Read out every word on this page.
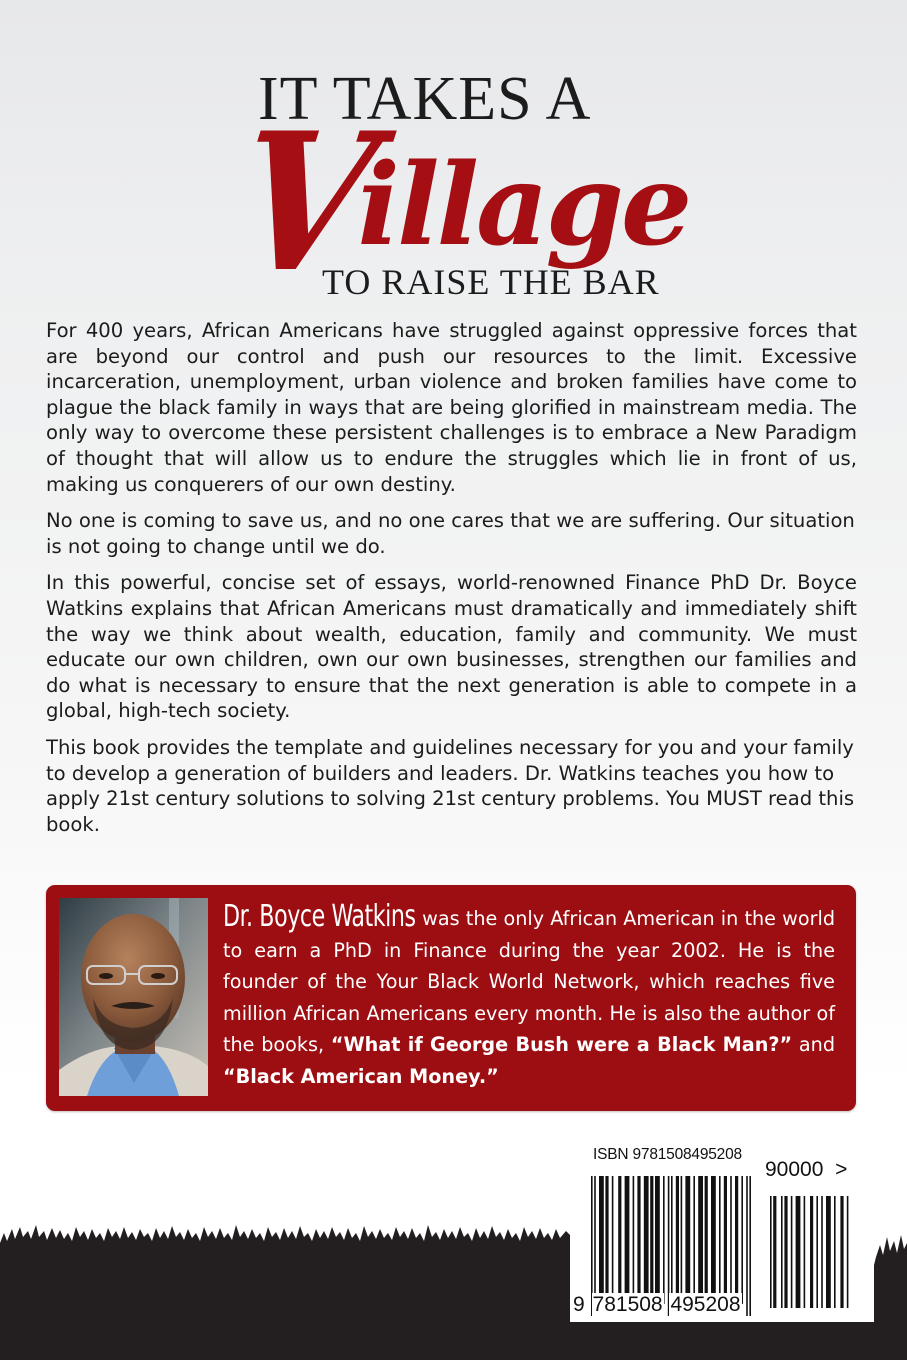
IT TAKES A
Village
TO RAISE THE BAR

For 400 years, African Americans have struggled against oppressive forces that are beyond our control and push our resources to the limit. Excessive incarceration, unemployment, urban violence and broken families have come to plague the black family in ways that are being glorified in mainstream media. The only way to overcome these persistent challenges is to embrace a New Paradigm of thought that will allow us to endure the struggles which lie in front of us, making us conquerers of our own destiny.

No one is coming to save us, and no one cares that we are suffering. Our situation is not going to change until we do.

In this powerful, concise set of essays, world-renowned Finance PhD Dr. Boyce Watkins explains that African Americans must dramatically and immediately shift the way we think about wealth, education, family and community. We must educate our own children, own our own businesses, strengthen our families and do what is necessary to ensure that the next generation is able to compete in a global, high-tech society.

This book provides the template and guidelines necessary for you and your family to develop a generation of builders and leaders. Dr. Watkins teaches you how to apply 21st century solutions to solving 21st century problems. You MUST read this book.

Dr. Boyce Watkins was the only African American in the world to earn a PhD in Finance during the year 2002. He is the founder of the Your Black World Network, which reaches five million African Americans every month. He is also the author of the books, “What if George Bush were a Black Man?” and “Black American Money.”
ISBN 9781508495208
9 781508 495208
90000 >
